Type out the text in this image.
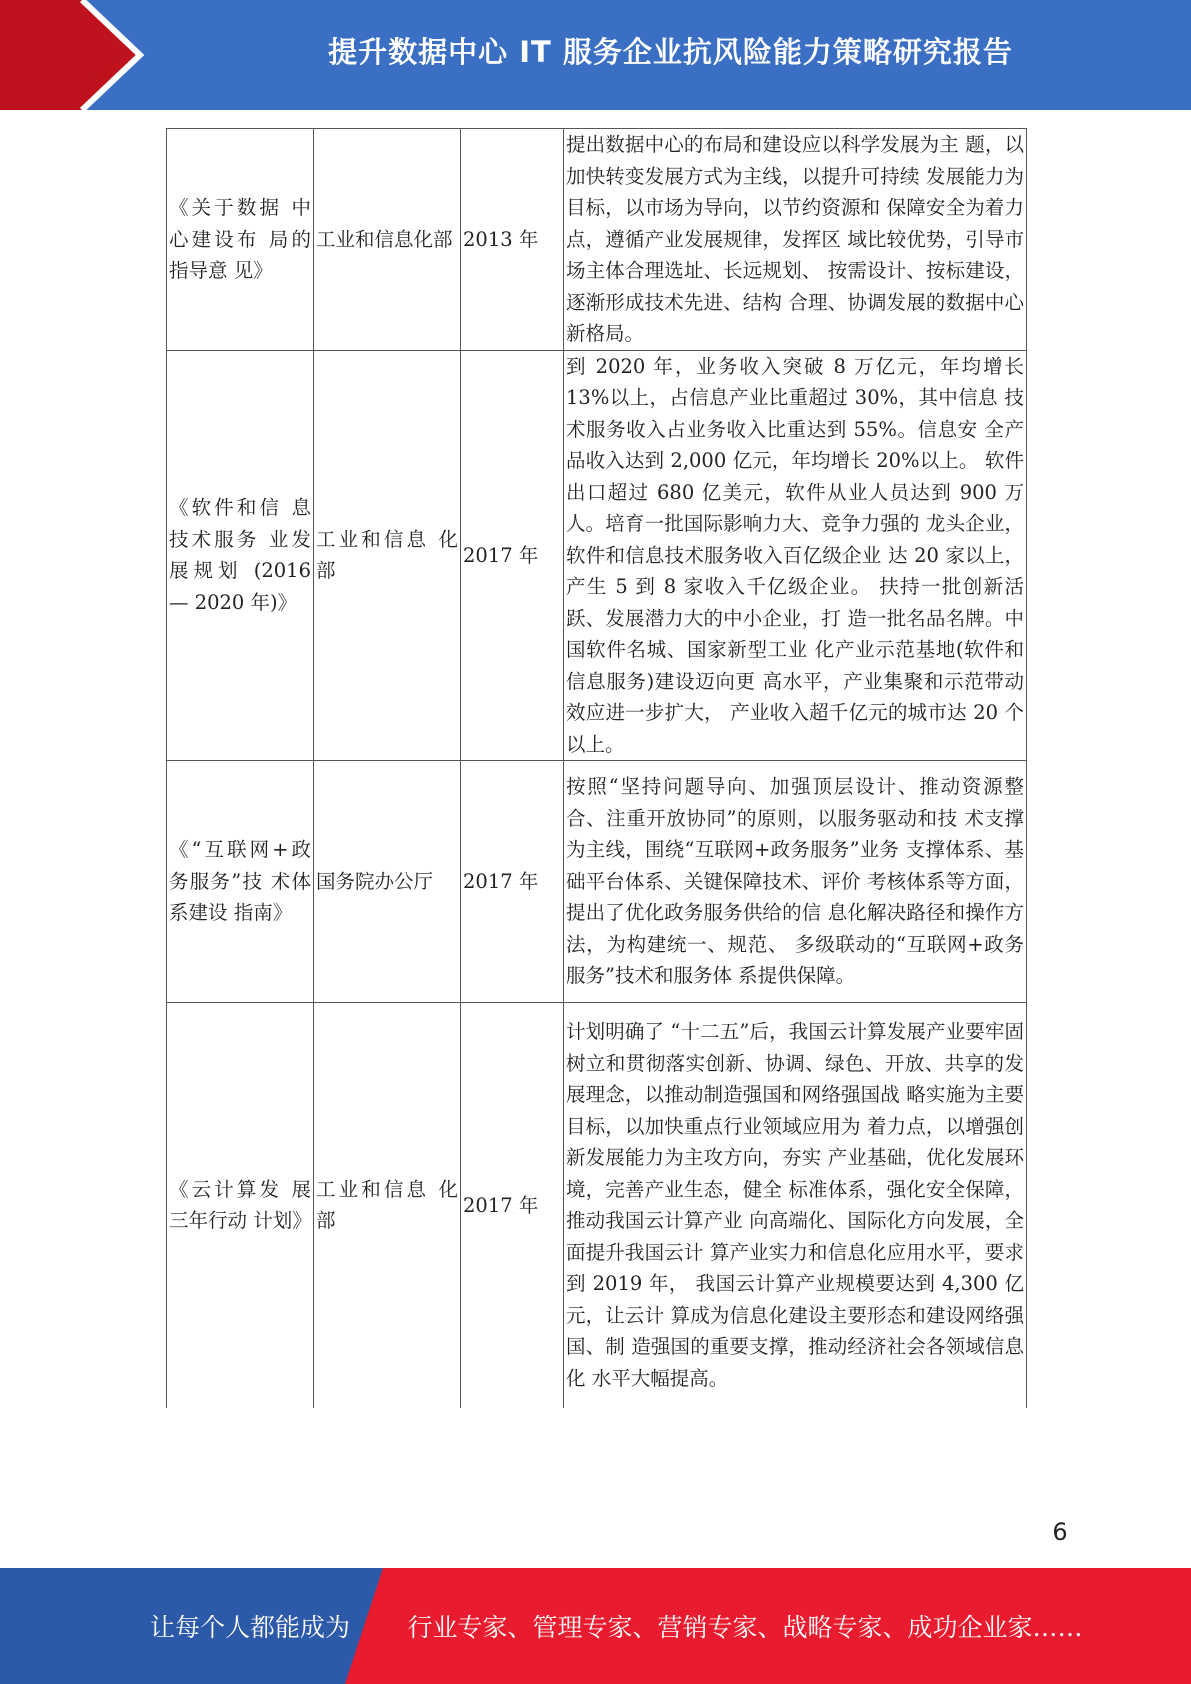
提升数据中心 IT 服务企业抗风险能力策略研究报告
《关于数据 中心建设布 局的指导意 见》	工业和信息化部	2013 年	提出数据中心的布局和建设应以科学发展为主 题，以加快转变发展方式为主线，以提升可持续 发展能力为目标，以市场为导向，以节约资源和 保障安全为着力点，遵循产业发展规律，发挥区 域比较优势，引导市场主体合理选址、长远规划、 按需设计、按标建设，逐渐形成技术先进、结构 合理、协调发展的数据中心新格局。
《软件和信 息技术服务 业发展规划 (2016 — 2020 年)》	工业和信息 化部	2017 年	到 2020 年，业务收入突破 8 万亿元，年均增长 13%以上，占信息产业比重超过 30%，其中信息 技术服务收入占业务收入比重达到 55%。信息安 全产品收入达到 2,000 亿元，年均增长 20%以上。 软件出口超过 680 亿美元，软件从业人员达到 900 万人。培育一批国际影响力大、竞争力强的 龙头企业，软件和信息技术服务收入百亿级企业 达 20 家以上，产生 5 到 8 家收入千亿级企业。 扶持一批创新活跃、发展潜力大的中小企业，打 造一批名品名牌。中国软件名城、国家新型工业 化产业示范基地(软件和信息服务)建设迈向更 高水平，产业集聚和示范带动效应进一步扩大， 产业收入超千亿元的城市达 20 个以上。
《“互联网+政务服务”技 术体系建设 指南》	国务院办公厅	2017 年	按照“坚持问题导向、加强顶层设计、推动资源整合、注重开放协同”的原则，以服务驱动和技 术支撑为主线，围绕“互联网+政务服务”业务 支撑体系、基础平台体系、关键保障技术、评价 考核体系等方面，提出了优化政务服务供给的信 息化解决路径和操作方法，为构建统一、规范、 多级联动的“互联网+政务服务”技术和服务体 系提供保障。
《云计算发 展三年行动 计划》	工业和信息 化部	2017 年	计划明确了 “十二五”后，我国云计算发展产业要牢固树立和贯彻落实创新、协调、绿色、开放、共享的发展理念，以推动制造强国和网络强国战 略实施为主要目标，以加快重点行业领域应用为 着力点，以增强创新发展能力为主攻方向，夯实 产业基础，优化发展环境，完善产业生态，健全 标准体系，强化安全保障，推动我国云计算产业 向高端化、国际化方向发展，全面提升我国云计 算产业实力和信息化应用水平，要求到 2019 年， 我国云计算产业规模要达到 4,300 亿元，让云计 算成为信息化建设主要形态和建设网络强国、制 造强国的重要支撑，推动经济社会各领域信息化 水平大幅提高。
6
让每个人都能成为	行业专家、管理专家、营销专家、战略专家、成功企业家……
